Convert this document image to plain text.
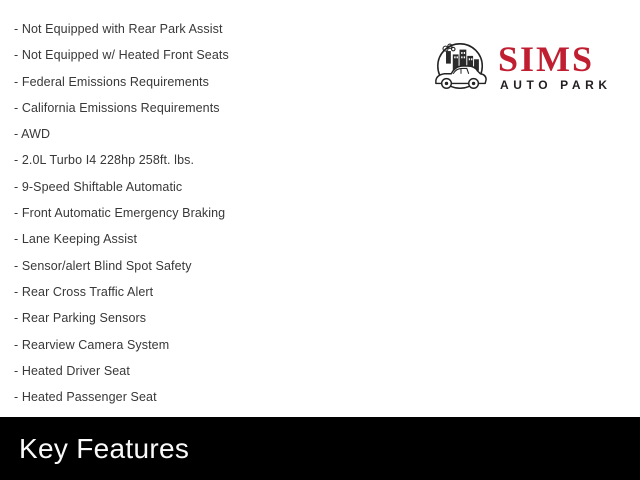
- Not Equipped with Rear Park Assist
- Not Equipped w/ Heated Front Seats
- Federal Emissions Requirements
- California Emissions Requirements
- AWD
- 2.0L Turbo I4 228hp 258ft. lbs.
- 9-Speed Shiftable Automatic
- Front Automatic Emergency Braking
- Lane Keeping Assist
- Sensor/alert Blind Spot Safety
- Rear Cross Traffic Alert
- Rear Parking Sensors
- Rearview Camera System
- Heated Driver Seat
- Heated Passenger Seat
SIMS
AUTO PARK
Key Features
